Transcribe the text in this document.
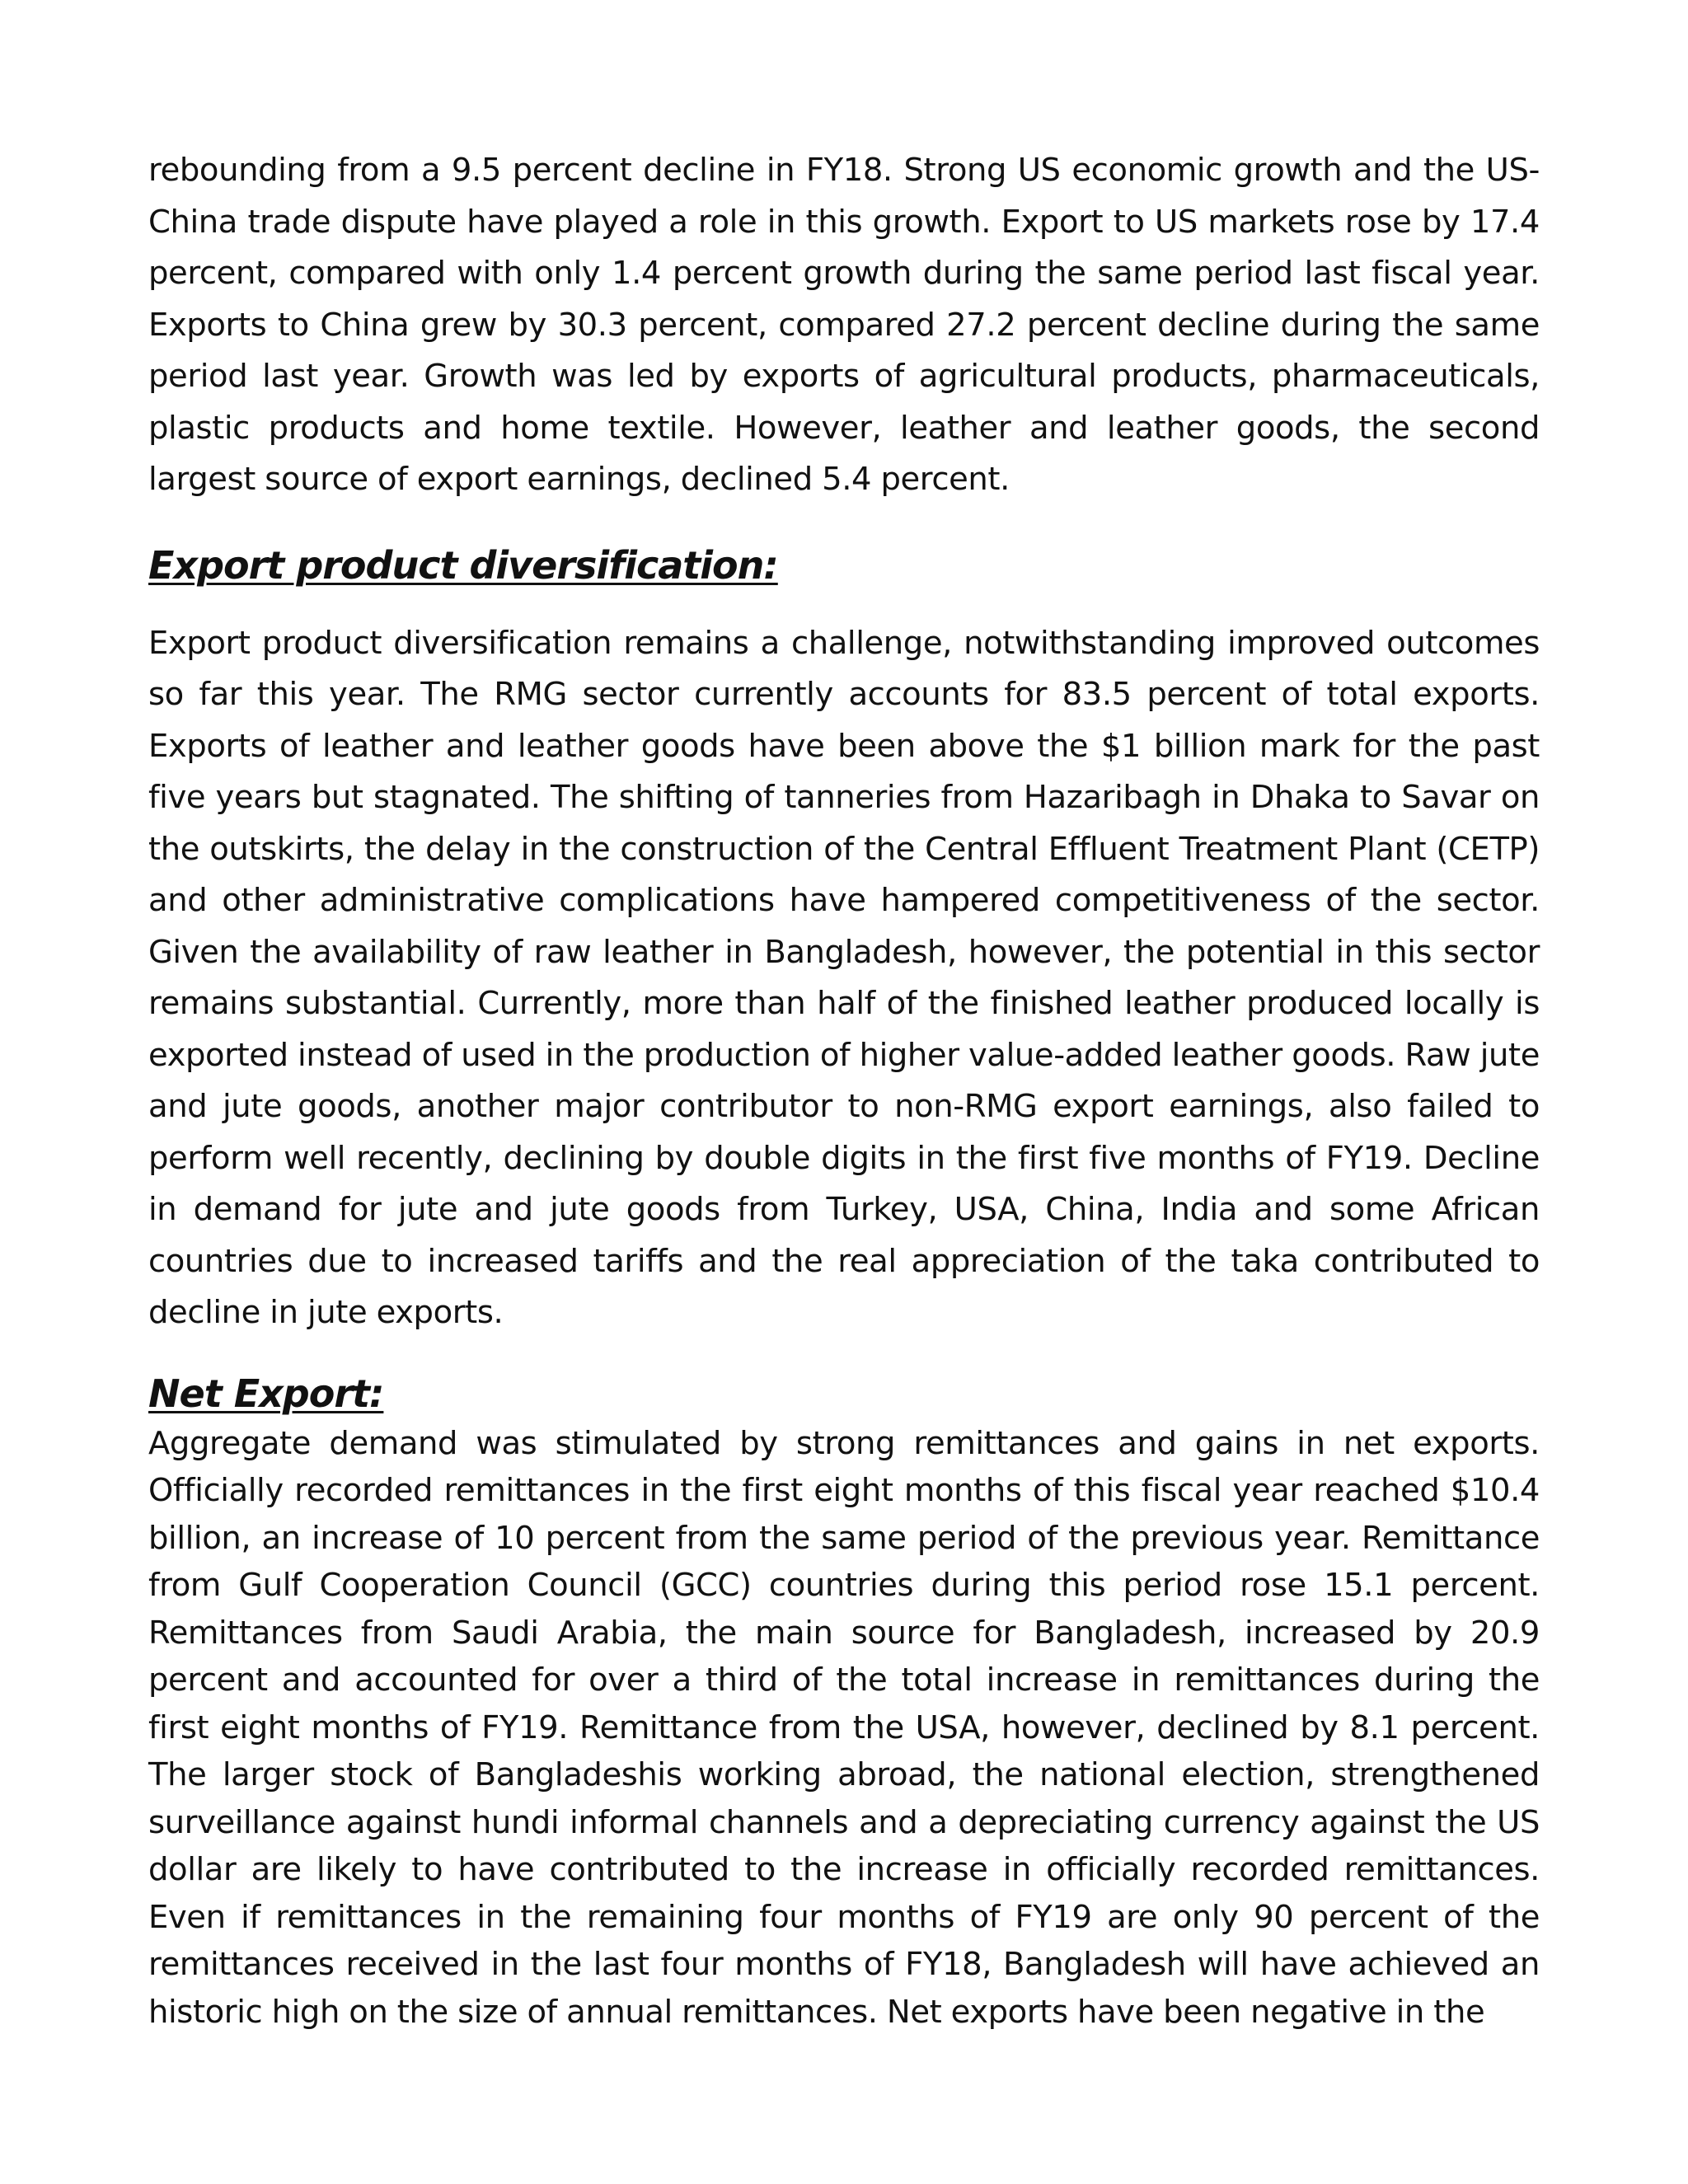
rebounding from a 9.5 percent decline in FY18. Strong US economic growth and the US-China trade dispute have played a role in this growth. Export to US markets rose by 17.4 percent, compared with only 1.4 percent growth during the same period last fiscal year. Exports to China grew by 30.3 percent, compared 27.2 percent decline during the same period last year. Growth was led by exports of agricultural products, pharmaceuticals, plastic products and home textile. However, leather and leather goods, the second largest source of export earnings, declined 5.4 percent.

Export product diversification:

Export product diversification remains a challenge, notwithstanding improved outcomes so far this year. The RMG sector currently accounts for 83.5 percent of total exports. Exports of leather and leather goods have been above the $1 billion mark for the past five years but stagnated. The shifting of tanneries from Hazaribagh in Dhaka to Savar on the outskirts, the delay in the construction of the Central Effluent Treatment Plant (CETP) and other administrative complications have hampered competitiveness of the sector. Given the availability of raw leather in Bangladesh, however, the potential in this sector remains substantial. Currently, more than half of the finished leather produced locally is exported instead of used in the production of higher value-added leather goods. Raw jute and jute goods, another major contributor to non-RMG export earnings, also failed to perform well recently, declining by double digits in the first five months of FY19. Decline in demand for jute and jute goods from Turkey, USA, China, India and some African countries due to increased tariffs and the real appreciation of the taka contributed to decline in jute exports.

Net Export:

Aggregate demand was stimulated by strong remittances and gains in net exports. Officially recorded remittances in the first eight months of this fiscal year reached $10.4 billion, an increase of 10 percent from the same period of the previous year. Remittance from Gulf Cooperation Council (GCC) countries during this period rose 15.1 percent. Remittances from Saudi Arabia, the main source for Bangladesh, increased by 20.9 percent and accounted for over a third of the total increase in remittances during the first eight months of FY19. Remittance from the USA, however, declined by 8.1 percent. The larger stock of Bangladeshis working abroad, the national election, strengthened surveillance against hundi informal channels and a depreciating currency against the US dollar are likely to have contributed to the increase in officially recorded remittances. Even if remittances in the remaining four months of FY19 are only 90 percent of the remittances received in the last four months of FY18, Bangladesh will have achieved an historic high on the size of annual remittances. Net exports have been negative in the
